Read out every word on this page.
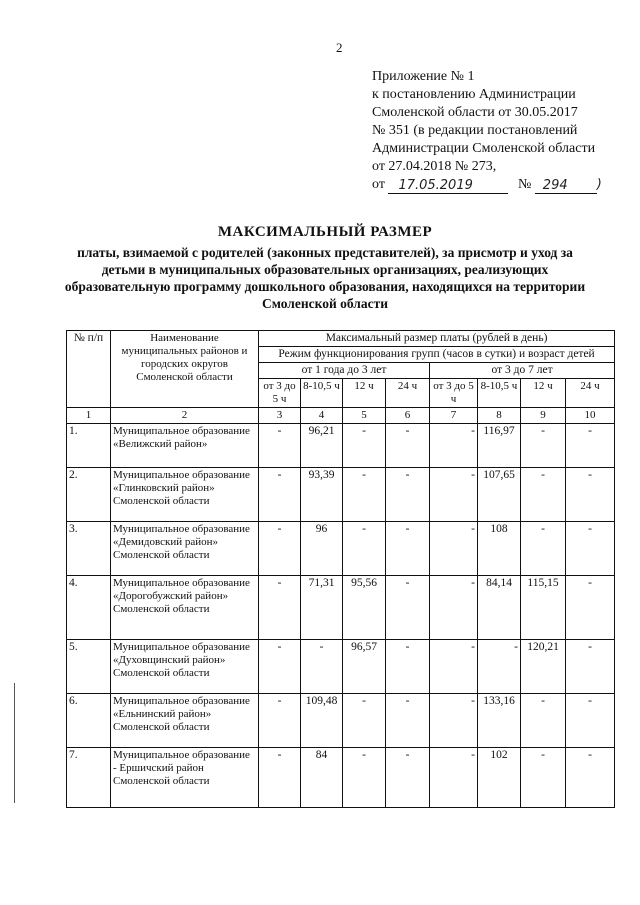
2
Приложение № 1
к постановлению Администрации
Смоленской области от 30.05.2017
№ 351 (в редакции постановлений
Администрации Смоленской области
от 27.04.2018 № 273,
от 17.05.2019	№ 294 )
МАКСИМАЛЬНЫЙ РАЗМЕР
платы, взимаемой с родителей (законных представителей), за присмотр и уход за детьми в муниципальных образовательных организациях, реализующих образовательную программу дошкольного образования, находящихся на территории Смоленской области
№ п/п	Наименование муниципальных районов и городских округов Смоленской области	Максимальный размер платы (рублей в день)							
		Режим функционирования групп (часов в сутки) и возраст детей							
		от 1 года до 3 лет				от 3 до 7 лет			
		от 3 до 5 ч	8-10,5 ч	12 ч	24 ч	от 3 до 5 ч	8-10,5 ч	12 ч	24 ч
1	2	3	4	5	6	7	8	9	10
1.	Муниципальное образование «Велижский район»	-	96,21	-	-	-	116,97	-	-
2.	Муниципальное образование «Глинковский район» Смоленской области	-	93,39	-	-	-	107,65	-	-
3.	Муниципальное образование «Демидовский район» Смоленской области	-	96	-	-	-	108	-	-
4.	Муниципальное образование «Дорогобужский район» Смоленской области	-	71,31	95,56	-	-	84,14	115,15	-
5.	Муниципальное образование «Духовщинский район» Смоленской области	-	-	96,57	-	-	-	120,21	-
6.	Муниципальное образование «Ельнинский район» Смоленской области	-	109,48	-	-	-	133,16	-	-
7.	Муниципальное образование - Ершичский район Смоленской области	-	84	-	-	-	102	-	-
